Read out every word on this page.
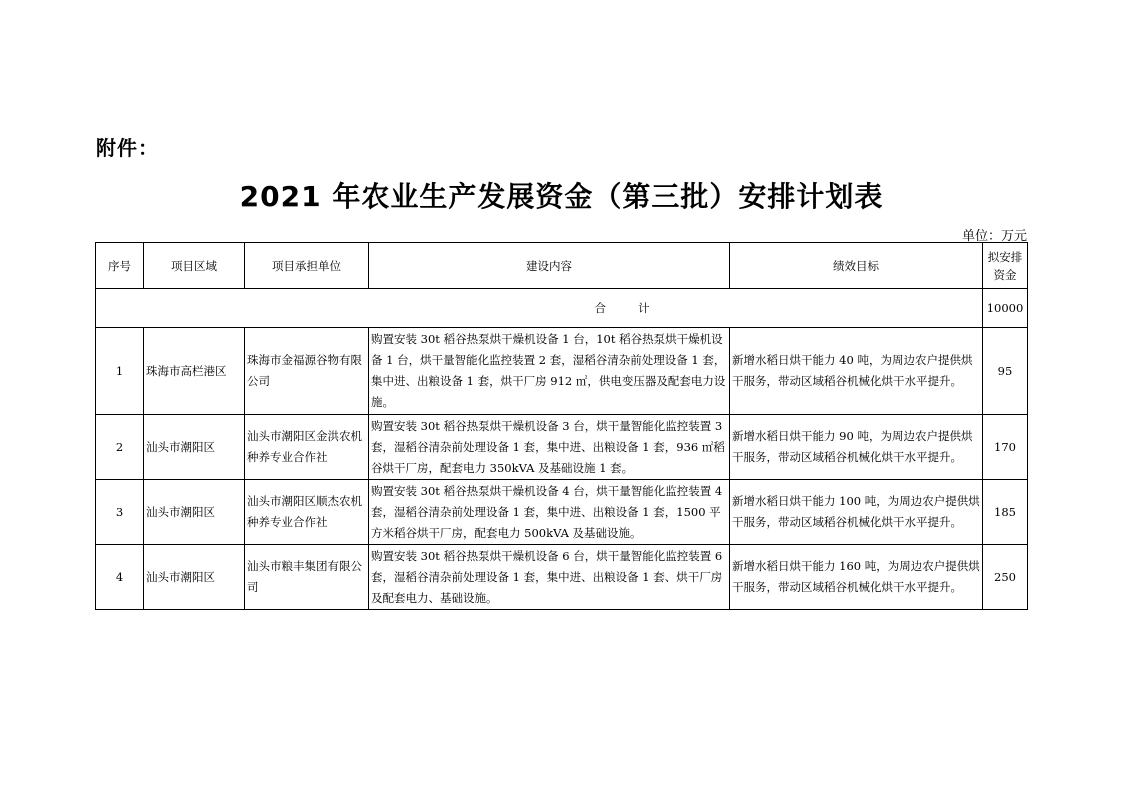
附件：
2021 年农业生产发展资金（第三批）安排计划表
单位：万元
序号	项目区域	项目承担单位	建设内容	绩效目标	拟安排资金
合计					10000
1	珠海市高栏港区	珠海市金福源谷物有限公司	购置安装 30t 稻谷热泵烘干燥机设备 1 台，10t 稻谷热泵烘干燥机设备 1 台，烘干量智能化监控装置 2 套，湿稻谷清杂前处理设备 1 套，集中进、出粮设备 1 套，烘干厂房 912 ㎡，供电变压器及配套电力设施。	新增水稻日烘干能力 40 吨，为周边农户提供烘干服务，带动区域稻谷机械化烘干水平提升。	95
2	汕头市潮阳区	汕头市潮阳区金洪农机种养专业合作社	购置安装 30t 稻谷热泵烘干燥机设备 3 台，烘干量智能化监控装置 3 套，湿稻谷清杂前处理设备 1 套，集中进、出粮设备 1 套，936 ㎡稻谷烘干厂房，配套电力 350kVA 及基础设施 1 套。	新增水稻日烘干能力 90 吨，为周边农户提供烘干服务，带动区域稻谷机械化烘干水平提升。	170
3	汕头市潮阳区	汕头市潮阳区顺杰农机种养专业合作社	购置安装 30t 稻谷热泵烘干燥机设备 4 台，烘干量智能化监控装置 4 套，湿稻谷清杂前处理设备 1 套，集中进、出粮设备 1 套，1500 平方米稻谷烘干厂房，配套电力 500kVA 及基础设施。	新增水稻日烘干能力 100 吨，为周边农户提供烘干服务，带动区域稻谷机械化烘干水平提升。	185
4	汕头市潮阳区	汕头市粮丰集团有限公司	购置安装 30t 稻谷热泵烘干燥机设备 6 台，烘干量智能化监控装置 6 套，湿稻谷清杂前处理设备 1 套，集中进、出粮设备 1 套、烘干厂房及配套电力、基础设施。	新增水稻日烘干能力 160 吨，为周边农户提供烘干服务，带动区域稻谷机械化烘干水平提升。	250
